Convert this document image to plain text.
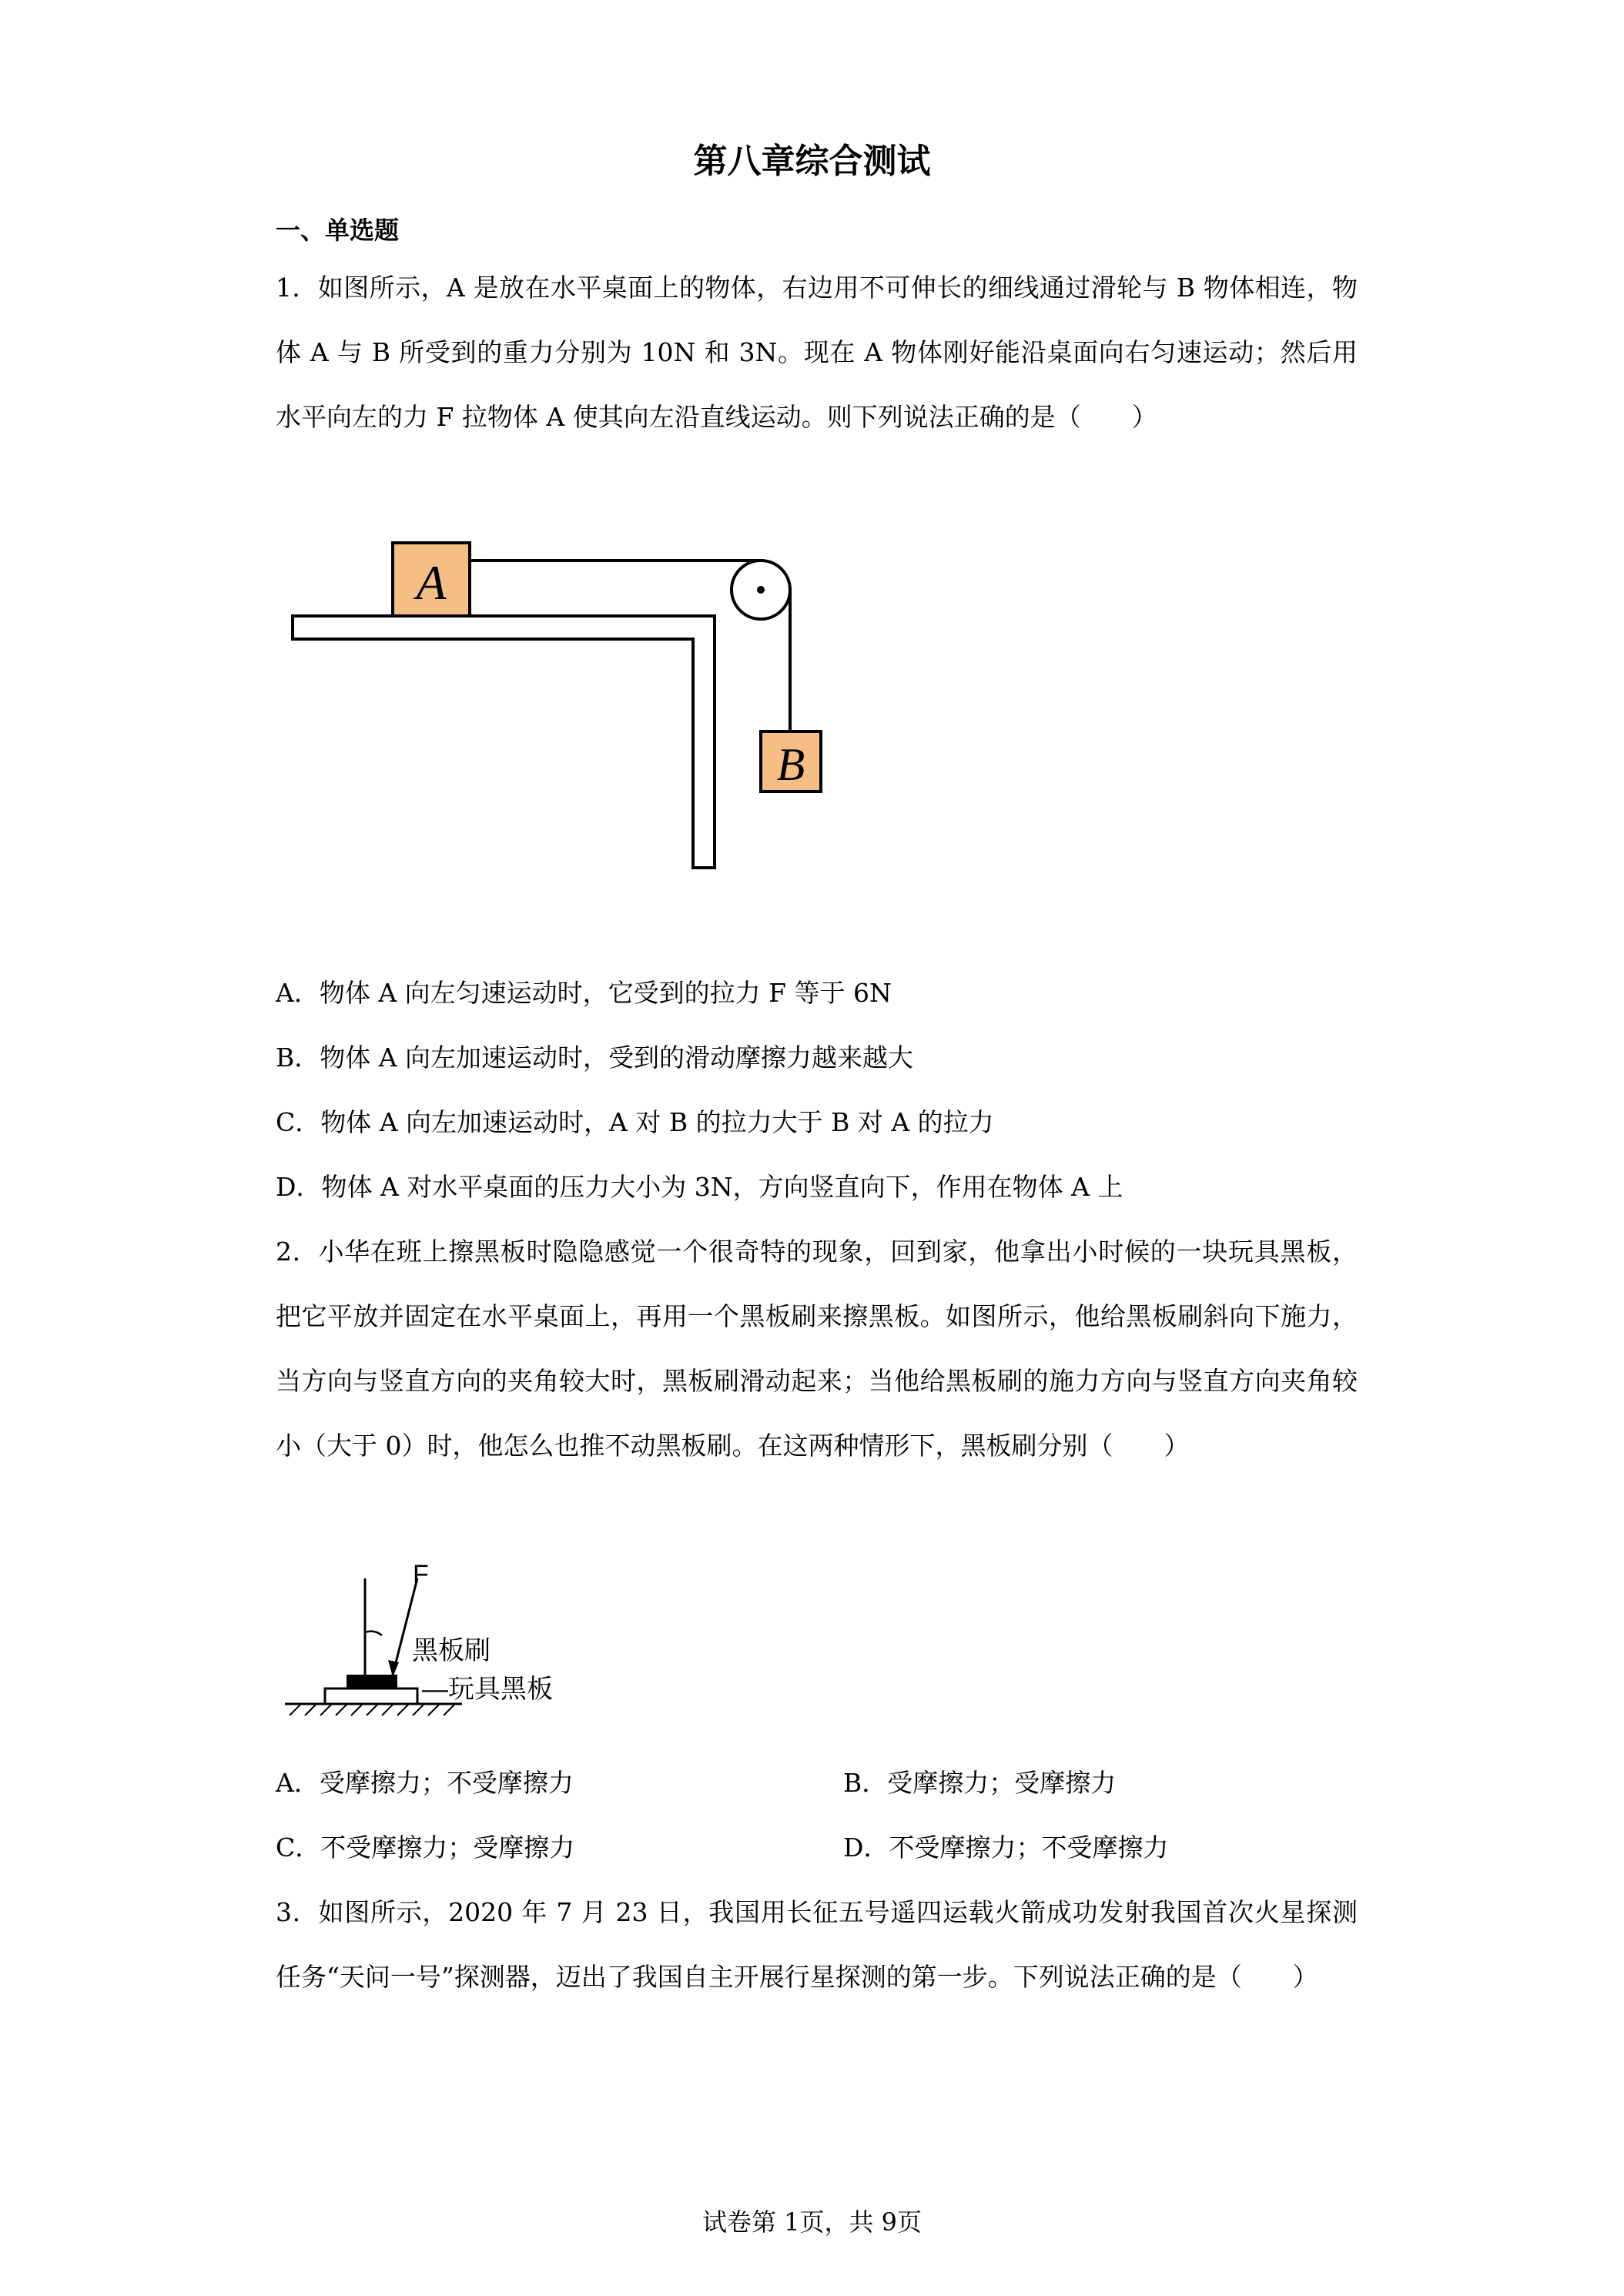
第八章综合测试
一、单选题
1．如图所示，A 是放在水平桌面上的物体，右边用不可伸长的细线通过滑轮与 B 物体相连，物体 A 与 B 所受到的重力分别为 10N 和 3N。现在 A 物体刚好能沿桌面向右匀速运动；然后用水平向左的力 F 拉物体 A 使其向左沿直线运动。则下列说法正确的是（　　）
A
B
A．物体 A 向左匀速运动时，它受到的拉力 F 等于 6N
B．物体 A 向左加速运动时，受到的滑动摩擦力越来越大
C．物体 A 向左加速运动时，A 对 B 的拉力大于 B 对 A 的拉力
D．物体 A 对水平桌面的压力大小为 3N，方向竖直向下，作用在物体 A 上
2．小华在班上擦黑板时隐隐感觉一个很奇特的现象，回到家，他拿出小时候的一块玩具黑板，把它平放并固定在水平桌面上，再用一个黑板刷来擦黑板。如图所示，他给黑板刷斜向下施力，当方向与竖直方向的夹角较大时，黑板刷滑动起来；当他给黑板刷的施力方向与竖直方向夹角较小（大于 0）时，他怎么也推不动黑板刷。在这两种情形下，黑板刷分别（　　）
F
黑板刷
—玩具黑板
A．受摩擦力；不受摩擦力	B．受摩擦力；受摩擦力
C．不受摩擦力；受摩擦力	D．不受摩擦力；不受摩擦力
3．如图所示，2020 年 7 月 23 日，我国用长征五号遥四运载火箭成功发射我国首次火星探测任务“天问一号”探测器，迈出了我国自主开展行星探测的第一步。下列说法正确的是（　　）
试卷第 1页，共 9页
